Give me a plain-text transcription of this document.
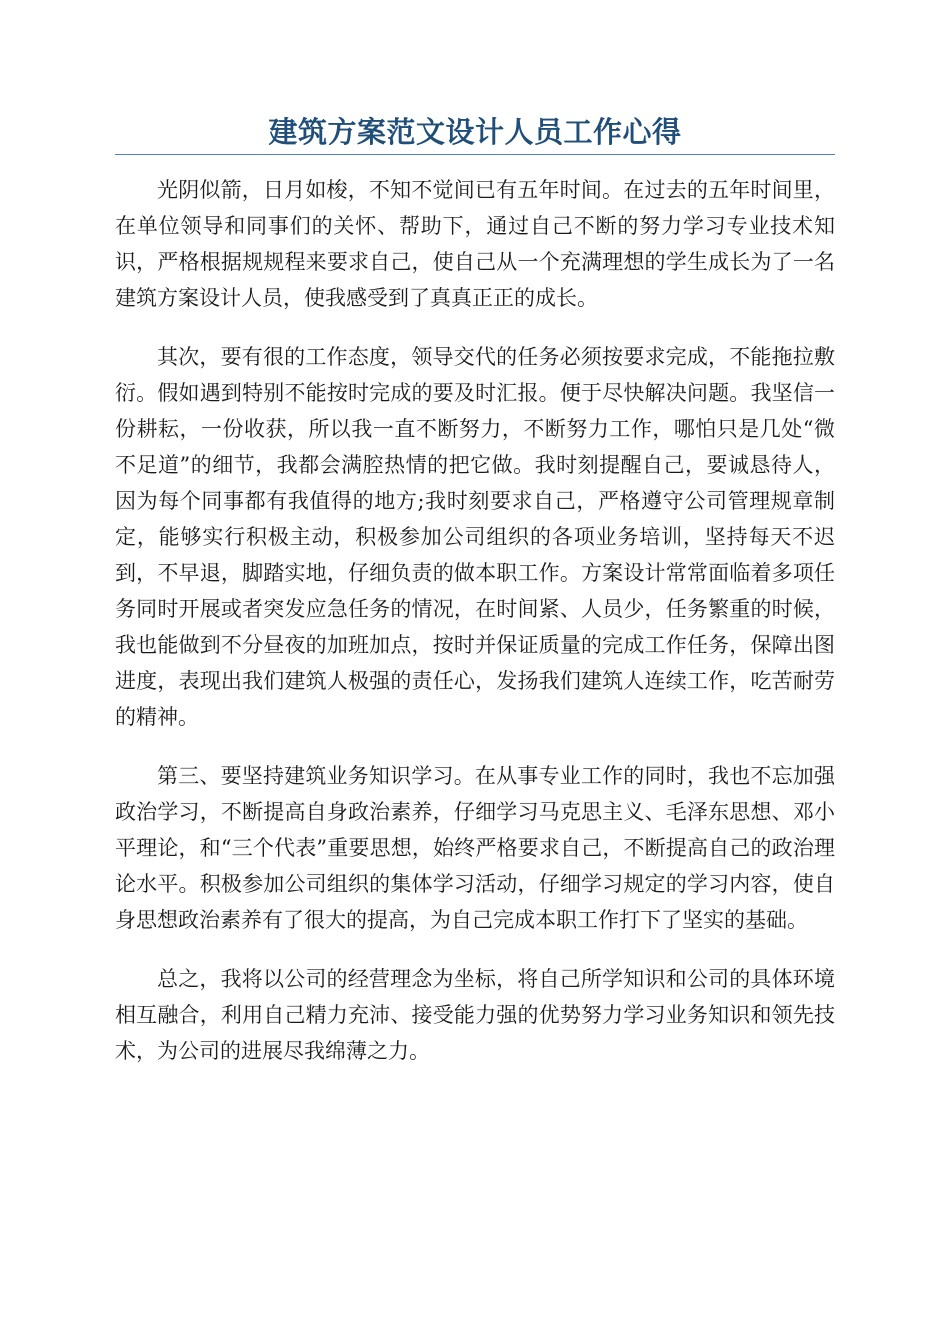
建筑方案范文设计人员工作心得

光阴似箭，日月如梭，不知不觉间已有五年时间。在过去的五年时间里，在单位领导和同事们的关怀、帮助下，通过自己不断的努力学习专业技术知识，严格根据规规程来要求自己，使自己从一个充满理想的学生成长为了一名建筑方案设计人员，使我感受到了真真正正的成长。

其次，要有很的工作态度，领导交代的任务必须按要求完成，不能拖拉敷衍。假如遇到特别不能按时完成的要及时汇报。便于尽快解决问题。我坚信一份耕耘，一份收获，所以我一直不断努力，不断努力工作，哪怕只是几处“微不足道”的细节，我都会满腔热情的把它做。我时刻提醒自己，要诚恳待人，因为每个同事都有我值得的地方;我时刻要求自己，严格遵守公司管理规章制定，能够实行积极主动，积极参加公司组织的各项业务培训，坚持每天不迟到，不早退，脚踏实地，仔细负责的做本职工作。方案设计常常面临着多项任务同时开展或者突发应急任务的情况，在时间紧、人员少，任务繁重的时候，我也能做到不分昼夜的加班加点，按时并保证质量的完成工作任务，保障出图进度，表现出我们建筑人极强的责任心，发扬我们建筑人连续工作，吃苦耐劳的精神。

第三、要坚持建筑业务知识学习。在从事专业工作的同时，我也不忘加强政治学习，不断提高自身政治素养，仔细学习马克思主义、毛泽东思想、邓小平理论，和“三个代表”重要思想，始终严格要求自己，不断提高自己的政治理论水平。积极参加公司组织的集体学习活动，仔细学习规定的学习内容，使自身思想政治素养有了很大的提高，为自己完成本职工作打下了坚实的基础。

总之，我将以公司的经营理念为坐标，将自己所学知识和公司的具体环境相互融合，利用自己精力充沛、接受能力强的优势努力学习业务知识和领先技术，为公司的进展尽我绵薄之力。
